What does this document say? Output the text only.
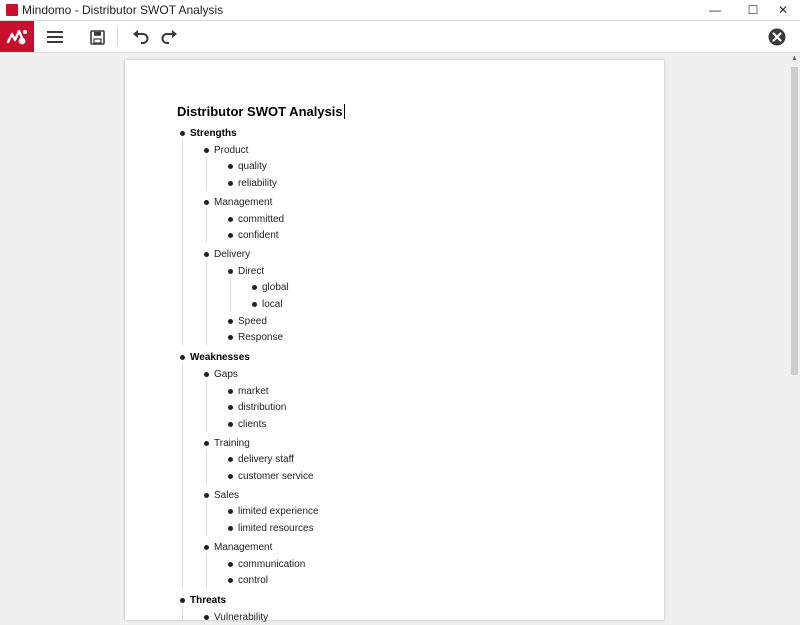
Mindomo - Distributor SWOT Analysis	—	☐	✕
Distributor SWOT Analysis
Strengths
Product
quality
reliability
Management
committed
confident
Delivery
Direct
global
local
Speed
Response
Weaknesses
Gaps
market
distribution
clients
Training
delivery staff
customer service
Sales
limited experience
limited resources
Management
communication
control
Threats
Vulnerability
▲
